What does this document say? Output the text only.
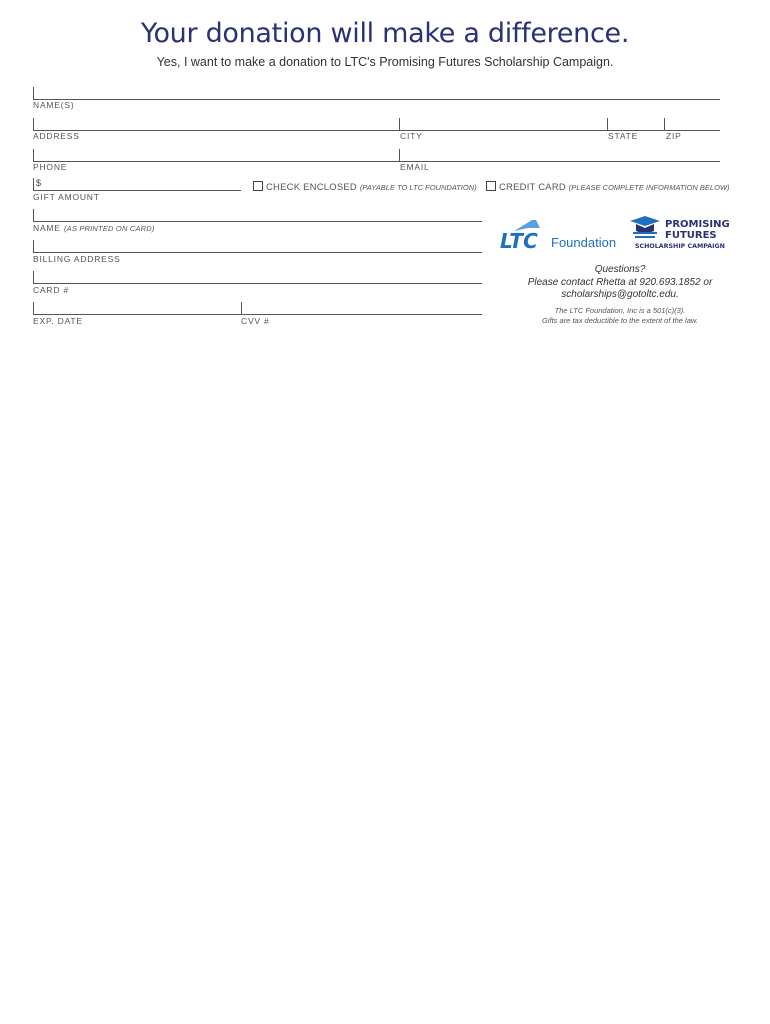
Your donation will make a difference.
Yes, I want to make a donation to LTC's Promising Futures Scholarship Campaign.
NAME(S)
ADDRESS	CITY	STATE	ZIP
PHONE	EMAIL
$
GIFT AMOUNT
CHECK ENCLOSED (PAYABLE TO LTC FOUNDATION)	CREDIT CARD (PLEASE COMPLETE INFORMATION BELOW)
NAME (AS PRINTED ON CARD)
BILLING ADDRESS
CARD #
EXP. DATE	CVV #
LTC Foundation
PROMISING
FUTURES
SCHOLARSHIP CAMPAIGN
Questions?
Please contact Rhetta at 920.693.1852 or
scholarships@gotoltc.edu.
The LTC Foundation, Inc is a 501(c)(3).
Gifts are tax deductible to the extent of the law.
